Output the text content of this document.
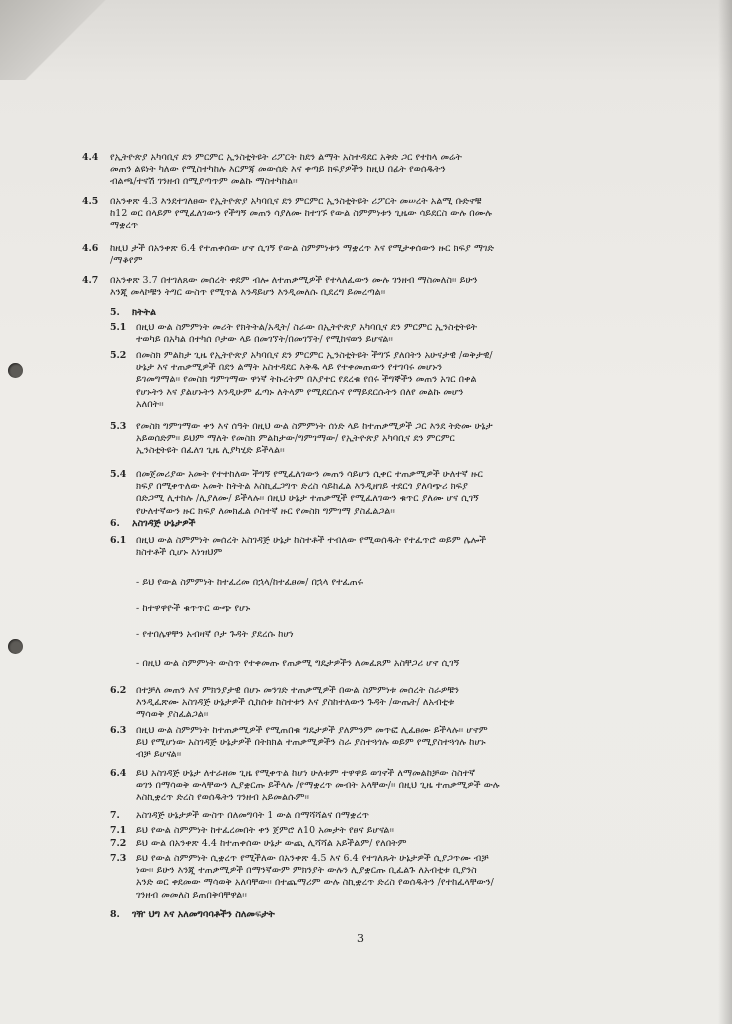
4.4 የኢትዮጵያ አካባቢና ደን ምርምር ኢንስቲትዩት ሪፖርት ከደን ልማት አስተዳደር አቅድ ጋር የተከላ መሬት
መጠን ልዩነት ካለው የሚስተካከሉ እርምጃ መውሰድ እና ቀጣይ ክፍያዎችን ከዚህ በፊት የወሰዱትን
ብልጫ/ተናሽ ገንዘብ በሚያጣጥም መልኩ ማስተካከል፡፡
4.5 በአንቀጽ 4.3 እንደተገለፀው የኢትዮጵያ አካባቢና ደን ምርምር ኢንስቲትዩት ሪፖርት መሠረት አልሚ ቡድኖቹ
ከ12 ወር በላይም የሚፈለገውን የችግኝ መጠን ሳያለሙ ከተገኙ የውል ስምምነቱን ጊዜው ሳይደርስ ውሉ በሙሉ
ማቋረጥ
4.6 ከዚህ ታች በአንቀጽ 6.4 የተጠቀሰው ሆኖ ሲገኝ የውል ስምምነቱን ማቋረጥ እና የሚታቀሰውን ዙር ክፍያ ማገድ
/ማቆየም
4.7 በአንቀጽ 3.7 በተገለጸው መሰረት ቀደም ብሎ ለተጠቃሚዎች የተላለፈውን ሙሉ ገንዘብ ማስመለስ፡፡ ይሁን
እንጂ መላኮቹን ትግር ውስጥ የሚጥል እንዳይሆን እንዲመለሱ ቢደረግ ይመረጣል፡፡
5. ክትትል
5.1 በዚህ ውል ስምምነት መሪት የክትትል/አዲት/ ስራው በኢትዮጵያ አካባቢና ደን ምርምር ኢንስቲትዩት
ተወካይ በአካል በተካሰ ቦታው ላይ በመገኘት/በመገኘት/ የሚከናወን ይሆናል፡፡
5.2 በመስክ ምልከታ ጊዜ የኢትዮጵያ አካባቢና ደን ምርምር ኢንስቲትዩት ችግኙ ያለበትን አሁናታዊ /ወቅታዊ/
ሁኔታ እና ተጠቃሚዎች በደን ልማት አስተዳደር እቅዱ ላይ የተቀመጠውን የተገባሩ መሆኑን
ይገመግማል፡፡ የመስክ ግምገማው ዋነኛ ትኩረትም በእያተር የደረቁ የበሩ ችግኞችን መጠን አገር በቀል
የሆኑትን እና ያልሆኑትን እንዲሁም ፈጣኑ ለትላም የሚደርሱና የማይደርሱትን በለየ መልኩ መሆን
አለበት፡፡
5.3 የመስክ ግምገማው ቀን እና ሰዓት በዚህ ውል ስምምነት ሰነድ ላይ ከተጠቃሚዎች ጋር እንደ ትድሙ ሁኔታ
አይወሰድም፡፡ ይህም ማለት የመስክ ምልከታው/ግምገማው/ የኢትዮጵያ አካባቢና ደን ምርምር
ኢንስቲትዩት በፈለገ ጊዜ ሊያካሂድ ይችላል፡፡
5.4 በመጀመሪያው አመት የተተከለው ችግኝ የሚፈለገውን መጠን ሳይሆን ሲቀር ተጠቃሚዎች ሁለተኛ ዙር
ክፍያ በሚቀጥለው አመት ከትትል እስኪፈጋግጥ ድረስ ሳይከፈል እንዲዘገይ ተደርጎ ያለባጭሪ ክፍያ
በድጋሚ ሊተከሉ /ሊያለሙ/ ይችላሉ፡፡ በዚህ ሁኔታ ተጠቃሚች የሚፈለገውን ቁጥር ያለሙ ሆና ሲገኝ
የሁለተኛውን ዙር ክፍያ ለመክፈል ሶስተኛ ዙር የመስክ ግምገማ ያስፈልጋል፡፡
6. አስገዳጅ ሁኔታዎች
6.1 በዚህ ውል ስምምነት መሰረት አስገዳጅ ሁኔታ ከስተቶች ተብለው የሚወሰዱት የተፈጥሮ ወይም ሌሎች
ክስተቶች ሲሆኑ እነዝህም
- ይህ የውል ስምምነት ከተፈረመ በኋላ/ከተፈፀመ/ በኋላ የተፈጠሩ
- ከተዋዋዮች ቁጥጥር ውጭ የሆኑ
- የተበሌዋቸን አብዛኛ ቦታ ጉዳት ያደረሱ ከሆነ
- በዚህ ውል ስምምነት ውስጥ የተቀመጡ የጠቃሚ ግዴታዎችን ለመፈጸም አስቸጋሪ ሆኖ ሲገኝ
6.2 በተቻለ መጠን እና ምክንያታዊ በሆኑ መንገድ ተጠቃሚዎች በውል ስምምነቱ መሰረት ስራዎቹን
እንዲፈጽሙ አስገዳጅ ሁኔታዎች ሲከሰቱ ከስተቱን እና ያስከተለውን ጉዳት /ውጤት/ ለአብቲቱ
ማሳወቅ ያስፈልጋል፡፡
6.3 በዚህ ውል ስምምነት ከተጠቃሚዎች የሚጠበቁ ግዴታዎች ያለምንም መጥፎ ሊፈፀሙ ይችላሉ፡፡ ሆኖም
ይህ የሚሆነው አስገዳጅ ሁኔታዎች በትክክል ተጠቃሚዎችን ስራ ያስተጓጎሉ ወይም የሚያስተጓጎሉ ከሆኑ
ብቻ ይሆናል፡፡
6.4 ይህ አስገዳጅ ሁኔታ ለተራዘመ ጊዜ የሚቀጥል ከሆነ ሁለቱም ተዋዋይ ወገኖች ለማመልከቻው ስስተኛ
ወገን በማሳወቅ ውላቸውን ሊያቋርጡ ይችላሉ /የማቋረጥ መብት አላቸው/፡፡ በዚህ ጊዜ ተጠቃሚዎች ውሉ
እስኪቋረጥ ድረስ የወሰዱትን ገንዘብ አይመልሱም፡፡
7. አስገዳጅ ሁኔታዎች ውስጥ በለመግባት 1 ውል በማሻሻልና በማቋረጥ
7.1 ይህ የውል ስምምነት ከተፈረመበት ቀን ጀምሮ ለ10 አመታት የፀና ይሆናል፡፡
7.2 ይህ ውል በአንቀጽ 4.4 ከተጠቀሰው ሁኔታ ውጪ ሊሻሻል አይችልም/ የለበትም
7.3 ይህ የውል ስምምነት ሲቋረጥ የሚችለው በአንቀጽ 4.5 እና 6.4 የተገለጹት ሁኔታዎች ሲያጋጥሙ ብቻ
ነው፡፡ ይሁን እንጂ ተጠቃሚዎች በማንኛውም ምክንያት ውሉን ሊያቋርጡ ቢፈልጉ ለአብቲቱ ቢያንስ
አንድ ወር ቀደመው ማሳወቅ አለባቸው፡፡ በተጨማሪም ውሉ ስኪቋረጥ ድረስ የወሰዱትን /የተከፈላቸውን/
ገንዘብ መመለስ ይጠበቅባቸዋል፡፡
8. ገዥ ህግ እና አለመግባባቶችን ስለመፍታት
3
